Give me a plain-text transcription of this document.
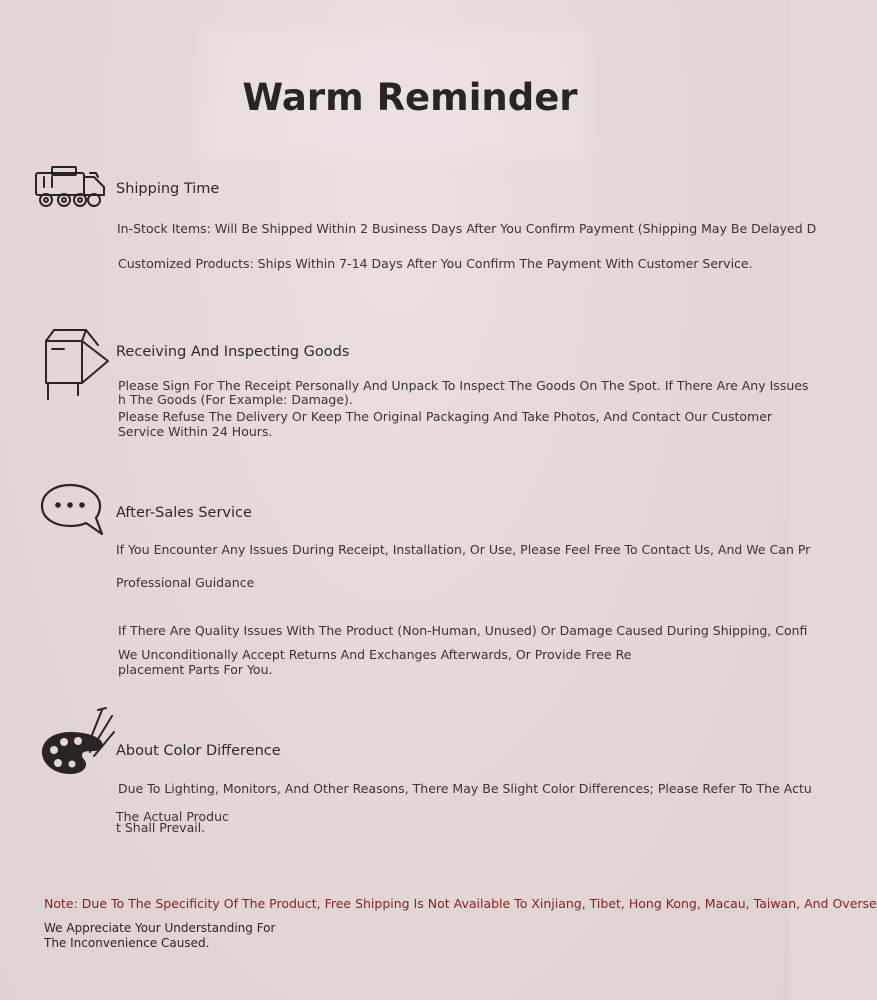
Warm Reminder
Shipping Time
In-Stock Items: Will Be Shipped Within 2 Business Days After You Confirm Payment (Shipping May Be Delayed D
Customized Products: Ships Within 7-14 Days After You Confirm The Payment With Customer Service.
Receiving And Inspecting Goods
Please Sign For The Receipt Personally And Unpack To Inspect The Goods On The Spot. If There Are Any Issues
h The Goods (For Example: Damage).
Please Refuse The Delivery Or Keep The Original Packaging And Take Photos, And Contact Our Customer
Service Within 24 Hours.
After-Sales Service
If You Encounter Any Issues During Receipt, Installation, Or Use, Please Feel Free To Contact Us, And We Can Pr
Professional Guidance
If There Are Quality Issues With The Product (Non-Human, Unused) Or Damage Caused During Shipping, Confi
We Unconditionally Accept Returns And Exchanges Afterwards, Or Provide Free Re
placement Parts For You.
About Color Difference
Due To Lighting, Monitors, And Other Reasons, There May Be Slight Color Differences; Please Refer To The Actu
The Actual Produc
t Shall Prevail.
Note: Due To The Specificity Of The Product, Free Shipping Is Not Available To Xinjiang, Tibet, Hong Kong, Macau, Taiwan, And Overse
We Appreciate Your Understanding For
The Inconvenience Caused.
